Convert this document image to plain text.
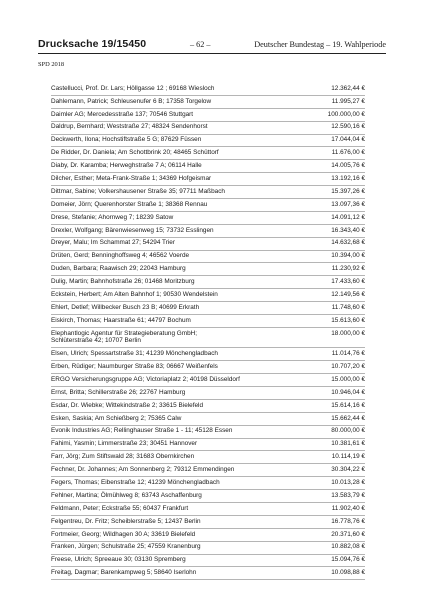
Drucksache 19/15450	– 62 –	Deutscher Bundestag – 19. Wahlperiode
SPD 2018
Castellucci, Prof. Dr. Lars; Höllgasse 12 ; 69168 Wiesloch	12.362,44 €
Dahlemann, Patrick; Schleusenufer 6 B; 17358 Torgelow	11.995,27 €
Daimler AG; Mercedesstraße 137; 70546 Stuttgart	100.000,00 €
Daldrup, Bernhard; Weststraße 27; 48324 Sendenhorst	12.590,16 €
Deckwerth, Ilona; Hochstiftstraße 5 G; 87629 Füssen	17.044,04 €
De Ridder, Dr. Daniela; Am Schottbrink 20; 48465 Schüttorf	11.676,00 €
Diaby, Dr. Karamba; Herweghstraße 7 A; 06114 Halle	14.005,76 €
Dilcher, Esther; Meta-Frank-Straße 1; 34369 Hofgeismar	13.192,16 €
Dittmar, Sabine; Volkershausener Straße 35; 97711 Maßbach	15.397,26 €
Domeier, Jörn; Querenhorster Straße 1; 38368 Rennau	13.097,36 €
Drese, Stefanie; Ahornweg 7; 18239 Satow	14.091,12 €
Drexler, Wolfgang; Bärenwiesenweg 15; 73732 Esslingen	16.343,40 €
Dreyer, Malu; Im Schammat 27; 54294 Trier	14.632,68 €
Drüten, Gerd; Benninghoffsweg 4; 46562 Voerde	10.394,00 €
Duden, Barbara; Raawisch 29; 22043 Hamburg	11.230,92 €
Dulig, Martin; Bahnhofstraße 26; 01468 Moritzburg	17.433,60 €
Eckstein, Herbert; Am Alten Bahnhof 1; 90530 Wendelstein	12.149,56 €
Ehlert, Detlef; Willbecker Busch 23 B; 40699 Erkrath	11.748,60 €
Eiskirch, Thomas; Haarstraße 61; 44797 Bochum	15.613,60 €
Elephantlogic Agentur für Strategieberatung GmbH;
Schlüterstraße 42; 10707 Berlin
18.000,00 €
Elsen, Ulrich; Spessartstraße 31; 41239 Mönchengladbach	11.014,76 €
Erben, Rüdiger; Naumburger Straße 83; 06667 Weißenfels	10.707,20 €
ERGO Versicherungsgruppe AG; Victoriaplatz 2; 40198 Düsseldorf	15.000,00 €
Ernst, Britta; Schillerstraße 26; 22767 Hamburg	10.946,04 €
Esdar, Dr. Wiebke; Wittekindstraße 2; 33615 Bielefeld	15.614,16 €
Esken, Saskia; Am Schießberg 2; 75365 Calw	15.662,44 €
Evonik Industries AG; Rellinghauser Straße 1 - 11; 45128 Essen	80.000,00 €
Fahimi, Yasmin; Limmerstraße 23; 30451 Hannover	10.381,61 €
Farr, Jörg; Zum Stiftswald 28; 31683 Obernkirchen	10.114,19 €
Fechner, Dr. Johannes; Am Sonnenberg 2; 79312 Emmendingen	30.304,22 €
Fegers, Thomas; Eibenstraße 12; 41239 Mönchengladbach	10.013,28 €
Fehlner, Martina; Ölmühlweg 8; 63743 Aschaffenburg	13.583,79 €
Feldmann, Peter; Eckstraße 55; 60437 Frankfurt	11.902,40 €
Felgentreu, Dr. Fritz; Scheiblerstraße 5; 12437 Berlin	16.778,76 €
Fortmeier, Georg; Wildhagen 30 A; 33619 Bielefeld	20.371,60 €
Franken, Jürgen; Schulstraße 25; 47559 Kranenburg	10.882,08 €
Freese, Ulrich; Spreeaue 30; 03130 Spremberg	15.094,76 €
Freitag, Dagmar; Barenkampweg 5; 58640 Iserlohn	10.098,88 €
